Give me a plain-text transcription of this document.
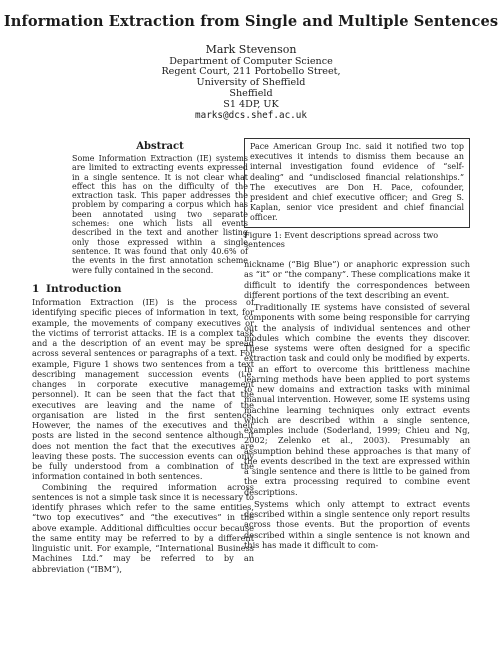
Information Extraction from Single and Multiple Sentences
Mark Stevenson
Department of Computer Science
Regent Court, 211 Portobello Street,
University of Sheffield
Sheffield
S1 4DP, UK
marks@dcs.shef.ac.uk
Abstract

Some Information Extraction (IE) systems are limited to extracting events expressed in a single sentence. It is not clear what effect this has on the difficulty of the extraction task. This paper addresses the problem by comparing a corpus which has been annotated using two separate schemes: one which lists all events described in the text and another listing only those expressed within a single sentence. It was found that only 40.6% of the events in the first annotation scheme were fully contained in the second.

1 Introduction

Information Extraction (IE) is the process of identifying specific pieces of information in text, for example, the movements of company executives or the victims of terrorist attacks. IE is a complex task and a the description of an event may be spread across several sentences or paragraphs of a text. For example, Figure 1 shows two sentences from a text describing management succession events (i.e. changes in corporate executive management personnel). It can be seen that the fact that the executives are leaving and the name of the organisation are listed in the first sentence. However, the names of the executives and their posts are listed in the second sentence although it does not mention the fact that the executives are leaving these posts. The succession events can only be fully understood from a combination of the information contained in both sentences.

Combining the required information across sentences is not a simple task since it is necessary to identify phrases which refer to the same entities, “two top executives” and “the executives” in the above example. Additional difficulties occur because the same entity may be referred to by a different linguistic unit. For example, “International Business Machines Ltd.” may be referred to by an abbreviation (“IBM”),

Pace American Group Inc. said it notified two top executives it intends to dismiss them because an internal investigation found evidence of “self-dealing” and “undisclosed financial relationships.” The executives are Don H. Pace, cofounder, president and chief executive officer; and Greg S. Kaplan, senior vice president and chief financial officer.
Figure 1: Event descriptions spread across two sentences

nickname (“Big Blue”) or anaphoric expression such as “it” or “the company”. These complications make it difficult to identify the correspondences between different portions of the text describing an event.

Traditionally IE systems have consisted of several components with some being responsible for carrying out the analysis of individual sentences and other modules which combine the events they discover. These systems were often designed for a specific extraction task and could only be modified by experts. In an effort to overcome this brittleness machine learning methods have been applied to port systems to new domains and extraction tasks with minimal manual intervention. However, some IE systems using machine learning techniques only extract events which are described within a single sentence, examples include (Soderland, 1999; Chieu and Ng, 2002; Zelenko et al., 2003). Presumably an assumption behind these approaches is that many of the events described in the text are expressed within a single sentence and there is little to be gained from the extra processing required to combine event descriptions.

Systems which only attempt to extract events described within a single sentence only report results across those events. But the proportion of events described within a single sentence is not known and this has made it difficult to com-
